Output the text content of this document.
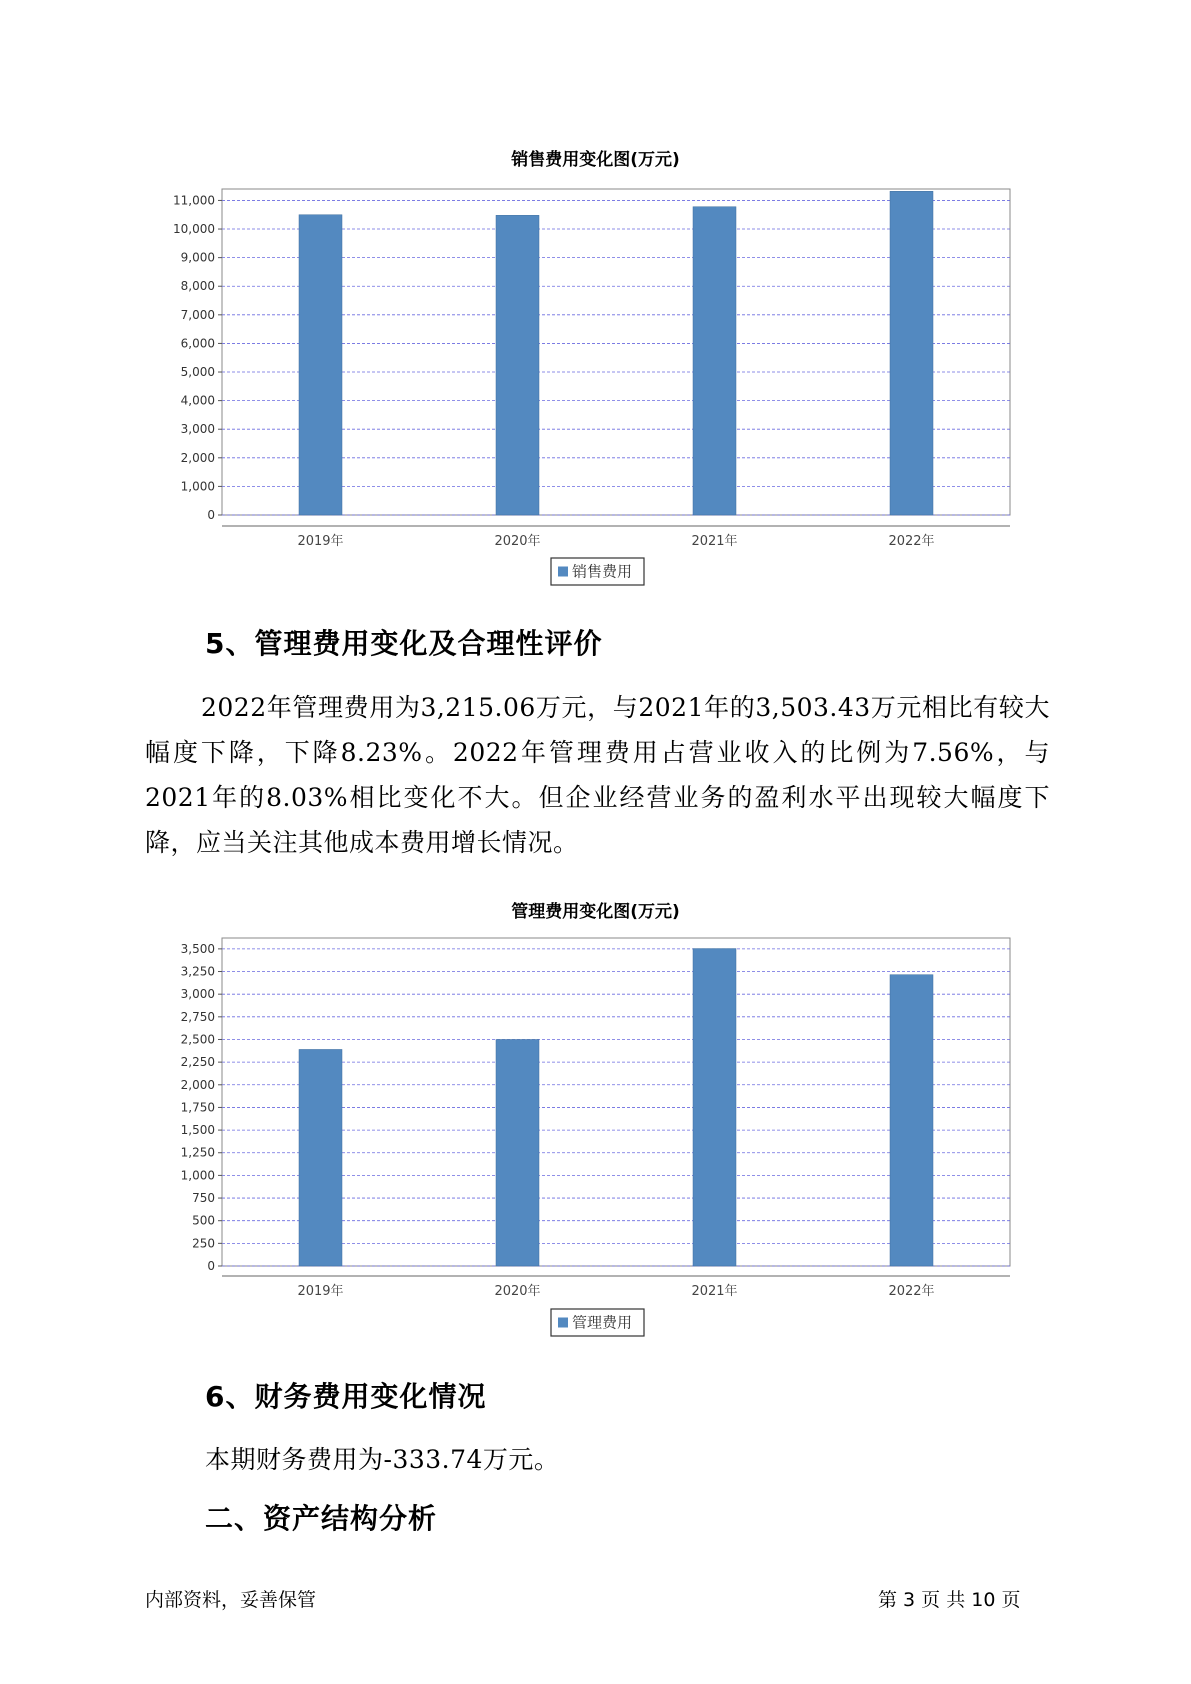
销售费用变化图(万元)
0
1,000
2,000
3,000
4,000
5,000
6,000
7,000
8,000
9,000
10,000
11,000
2019年	2020年	2021年	2022年
销售费用
5、管理费用变化及合理性评价
2022年管理费用为3,215.06万元，与2021年的3,503.43万元相比有较大幅度下降，下降8.23%。2022年管理费用占营业收入的比例为7.56%，与2021年的8.03%相比变化不大。但企业经营业务的盈利水平出现较大幅度下降，应当关注其他成本费用增长情况。
管理费用变化图(万元)
0
250
500
750
1,000
1,250
1,500
1,750
2,000
2,250
2,500
2,750
3,000
3,250
3,500
2019年	2020年	2021年	2022年
管理费用
6、财务费用变化情况
本期财务费用为-333.74万元。
二、资产结构分析
内部资料，妥善保管	第 3 页 共 10 页
